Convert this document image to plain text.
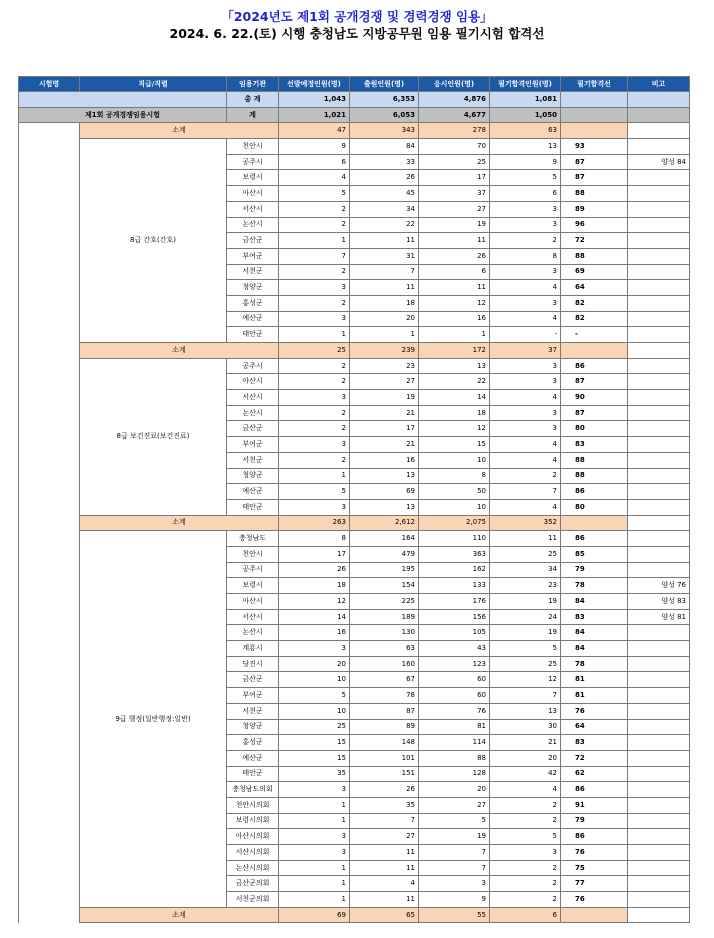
「2024년도 제1회 공개경쟁 및 경력경쟁 임용」
2024. 6. 22.(토) 시행 충청남도 지방공무원 임용 필기시험 합격선
시험명	직급/직렬	임용기관	선발예정인원(명)	출원인원(명)	응시인원(명)	필기합격인원(명)	필기합격선	비고
		총 계	1,043	6,353	4,876	1,081		
제1회 공개경쟁임용시험		계	1,021	6,053	4,677	1,050		
	소계		47	343	278	63		
	8급 간호(간호)	천안시	9	84	70	13	93	
		공주시	6	33	25	9	87	양성 84
		보령시	4	26	17	5	87	
		아산시	5	45	37	6	88	
		서산시	2	34	27	3	89	
		논산시	2	22	19	3	96	
		금산군	1	11	11	2	72	
		부여군	7	31	26	8	88	
		서천군	2	7	6	3	69	
		청양군	3	11	11	4	64	
		홍성군	2	18	12	3	82	
		예산군	3	20	16	4	82	
		태안군	1	1	1	-	-	
	소계		25	239	172	37		
	8급 보건진료(보건진료)	공주시	2	23	13	3	86	
		아산시	2	27	22	3	87	
		서산시	3	19	14	4	90	
		논산시	2	21	18	3	87	
		금산군	2	17	12	3	80	
		부여군	3	21	15	4	83	
		서천군	2	16	10	4	88	
		청양군	1	13	8	2	88	
		예산군	5	69	50	7	86	
		태안군	3	13	10	4	80	
	소계		263	2,612	2,075	352		
	9급 행정(일반행정:일반)	충청남도	8	164	110	11	86	
		천안시	17	479	363	25	85	
		공주시	26	195	162	34	79	
		보령시	18	154	133	23	78	양성 76
		아산시	12	225	176	19	84	양성 83
		서산시	14	189	156	24	83	양성 81
		논산시	16	130	105	19	84	
		계룡시	3	63	43	5	84	
		당진시	20	160	123	25	78	
		금산군	10	67	60	12	81	
		부여군	5	78	60	7	81	
		서천군	10	87	76	13	76	
		청양군	25	89	81	30	64	
		홍성군	15	148	114	21	83	
		예산군	15	101	88	20	72	
		태안군	35	151	128	42	62	
		충청남도의회	3	26	20	4	86	
		천안시의회	1	35	27	2	91	
		보령시의회	1	7	5	2	79	
		아산시의회	3	27	19	5	86	
		서산시의회	3	11	7	3	76	
		논산시의회	1	11	7	2	75	
		금산군의회	1	4	3	2	77	
		서천군의회	1	11	9	2	76	
	소계		69	65	55	6		
